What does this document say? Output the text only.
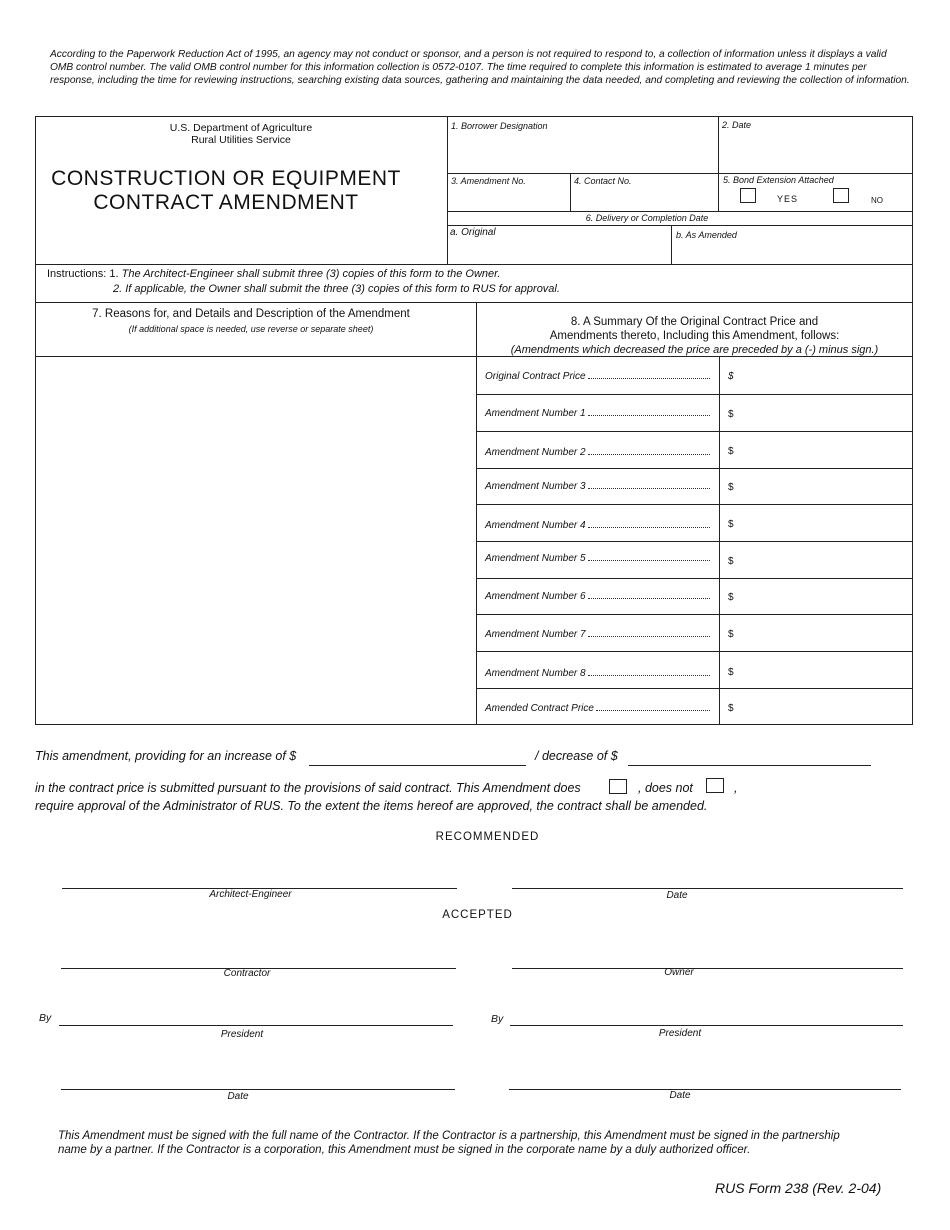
According to the Paperwork Reduction Act of 1995, an agency may not conduct or sponsor, and a person is not required to respond to, a collection of information unless it displays a valid OMB control number. The valid OMB control number for this information collection is 0572-0107. The time required to complete this information is estimated to average 1 minutes per response, including the time for reviewing instructions, searching existing data sources, gathering and maintaining the data needed, and completing and reviewing the collection of information.
U.S. Department of Agriculture
Rural Utilities Service
CONSTRUCTION OR EQUIPMENT
CONTRACT AMENDMENT
1. Borrower Designation	2. Date
3. Amendment No.	4. Contact No.	5. Bond Extension Attached
YES	NO
6. Delivery or Completion Date
a. Original	b. As Amended
Instructions: 1. The Architect-Engineer shall submit three (3) copies of this form to the Owner.
2. If applicable, the Owner shall submit the three (3) copies of this form to RUS for approval.
7. Reasons for, and Details and Description of the Amendment
(If additional space is needed, use reverse or separate sheet)
8. A Summary Of the Original Contract Price and
Amendments thereto, Including this Amendment, follows:
(Amendments which decreased the price are preceded by a (-) minus sign.)
Original Contract Price	$
Amendment Number 1	$
Amendment Number 2	$
Amendment Number 3	$
Amendment Number 4	$
Amendment Number 5	$
Amendment Number 6	$
Amendment Number 7	$
Amendment Number 8	$
Amended Contract Price	$
This amendment, providing for an increase of $	/ decrease of $
in the contract price is submitted pursuant to the provisions of said contract. This Amendment does	, does not	,
require approval of the Administrator of RUS. To the extent the items hereof are approved, the contract shall be amended.
RECOMMENDED
Architect-Engineer	Date
ACCEPTED
Contractor	Owner
By
President
By
President
Date	Date
This Amendment must be signed with the full name of the Contractor. If the Contractor is a partnership, this Amendment must be signed in the partnership name by a partner. If the Contractor is a corporation, this Amendment must be signed in the corporate name by a duly authorized officer.
RUS Form 238 (Rev. 2-04)
